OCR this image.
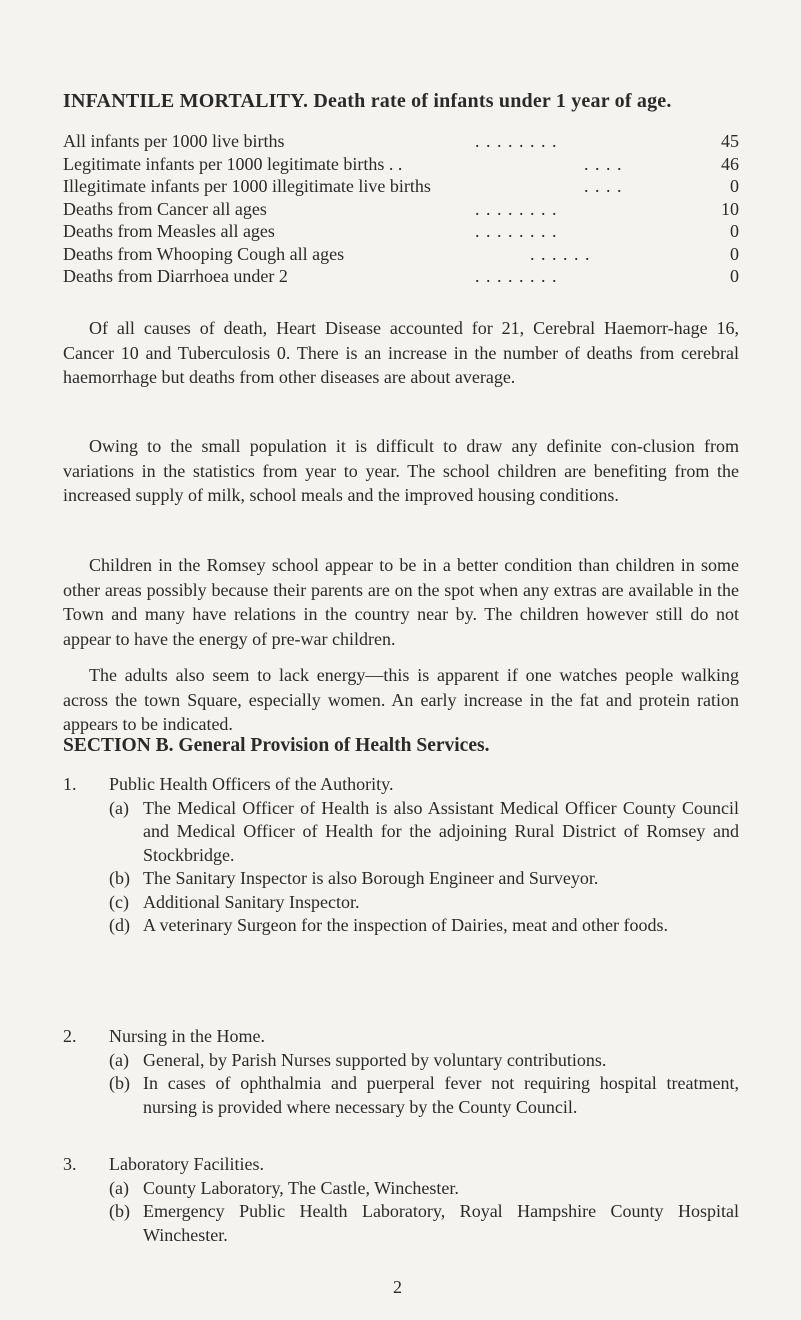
INFANTILE MORTALITY. Death rate of infants under 1 year of age.
All infants per 1000 live births	. . . . . . . .	45
Legitimate infants per 1000 legitimate births . .	. . . .	46
Illegitimate infants per 1000 illegitimate live births	. . . .	0
Deaths from Cancer all ages	. . . . . . . .	10
Deaths from Measles all ages	. . . . . . . .	0
Deaths from Whooping Cough all ages	. . . . . .	0
Deaths from Diarrhoea under 2	. . . . . . . .	0

Of all causes of death, Heart Disease accounted for 21, Cerebral Haemorr-hage 16, Cancer 10 and Tuberculosis 0. There is an increase in the number of deaths from cerebral haemorrhage but deaths from other diseases are about average.

Owing to the small population it is difficult to draw any definite con-clusion from variations in the statistics from year to year. The school children are benefiting from the increased supply of milk, school meals and the improved housing conditions.

Children in the Romsey school appear to be in a better condition than children in some other areas possibly because their parents are on the spot when any extras are available in the Town and many have relations in the country near by. The children however still do not appear to have the energy of pre-war children.

The adults also seem to lack energy—this is apparent if one watches people walking across the town Square, especially women. An early increase in the fat and protein ration appears to be indicated.

SECTION B. General Provision of Health Services.
1. Public Health Officers of the Authority.
(a) The Medical Officer of Health is also Assistant Medical Officer County Council and Medical Officer of Health for the adjoining Rural District of Romsey and Stockbridge.
(b) The Sanitary Inspector is also Borough Engineer and Surveyor.
(c) Additional Sanitary Inspector.
(d) A veterinary Surgeon for the inspection of Dairies, meat and other foods.
2. Nursing in the Home.
(a) General, by Parish Nurses supported by voluntary contributions.
(b) In cases of ophthalmia and puerperal fever not requiring hospital treatment, nursing is provided where necessary by the County Council.
3. Laboratory Facilities.
(a) County Laboratory, The Castle, Winchester.
(b) Emergency Public Health Laboratory, Royal Hampshire County Hospital Winchester.
2
